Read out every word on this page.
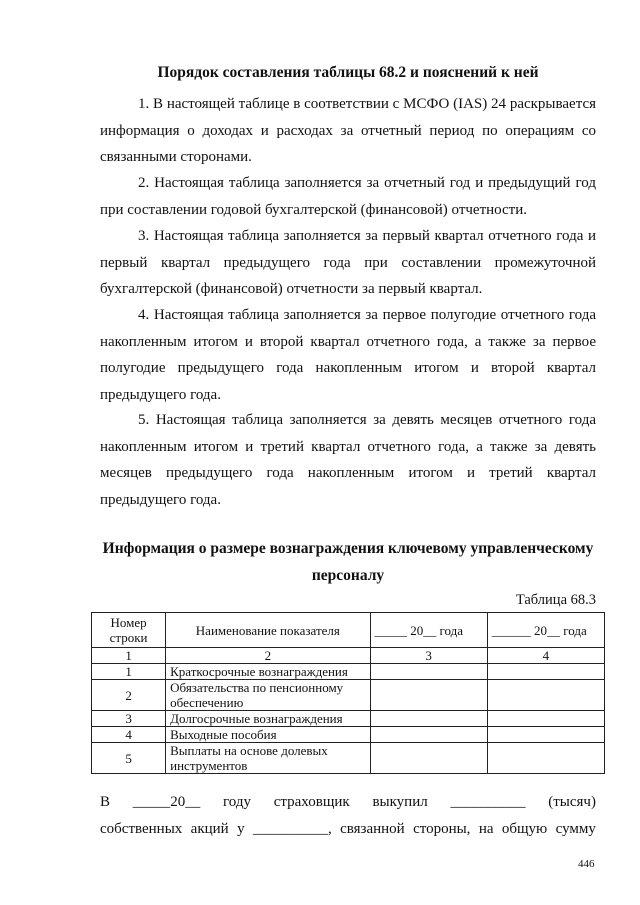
Порядок составления таблицы 68.2 и пояснений к ней
1. В настоящей таблице в соответствии с МСФО (IAS) 24 раскрывается информация о доходах и расходах за отчетный период по операциям со связанными сторонами.
2. Настоящая таблица заполняется за отчетный год и предыдущий год при составлении годовой бухгалтерской (финансовой) отчетности.
3. Настоящая таблица заполняется за первый квартал отчетного года и первый квартал предыдущего года при составлении промежуточной бухгалтерской (финансовой) отчетности за первый квартал.
4. Настоящая таблица заполняется за первое полугодие отчетного года накопленным итогом и второй квартал отчетного года, а также за первое полугодие предыдущего года накопленным итогом и второй квартал предыдущего года.
5. Настоящая таблица заполняется за девять месяцев отчетного года накопленным итогом и третий квартал отчетного года, а также за девять месяцев предыдущего года накопленным итогом и третий квартал предыдущего года.
Информация о размере вознаграждения ключевому управленческому
персоналу
Таблица 68.3
Номер строки	Наименование показателя	_____ 20__ года	______ 20__ года
1	2	3	4
1	Краткосрочные вознаграждения		
2	Обязательства по пенсионному обеспечению		
3	Долгосрочные вознаграждения		
4	Выходные пособия		
5	Выплаты на основе долевых инструментов		
В _____20__ году страховщик выкупил __________ (тысяч)
собственных акций у __________, связанной стороны, на общую сумму
446
